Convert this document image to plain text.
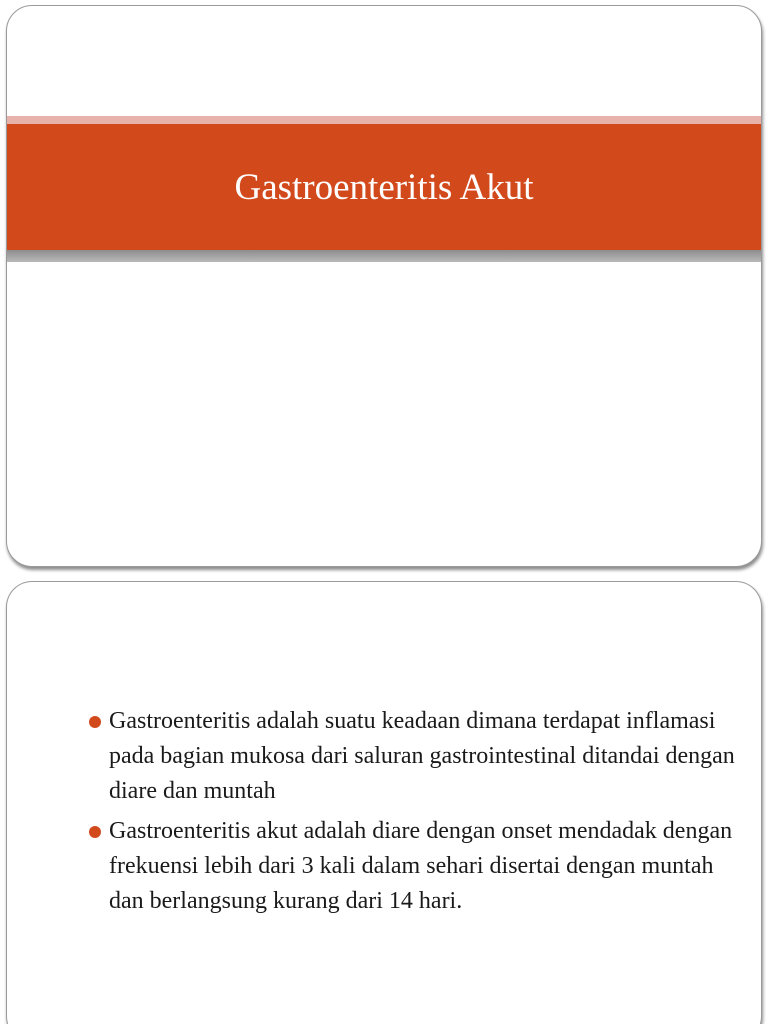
Gastroenteritis Akut
Gastroenteritis adalah suatu keadaan dimana terdapat inflamasi pada bagian mukosa dari saluran gastrointestinal ditandai dengan diare dan muntah
Gastroenteritis akut adalah diare dengan onset mendadak dengan frekuensi lebih dari 3 kali dalam sehari disertai dengan muntah dan berlangsung kurang dari 14 hari.
